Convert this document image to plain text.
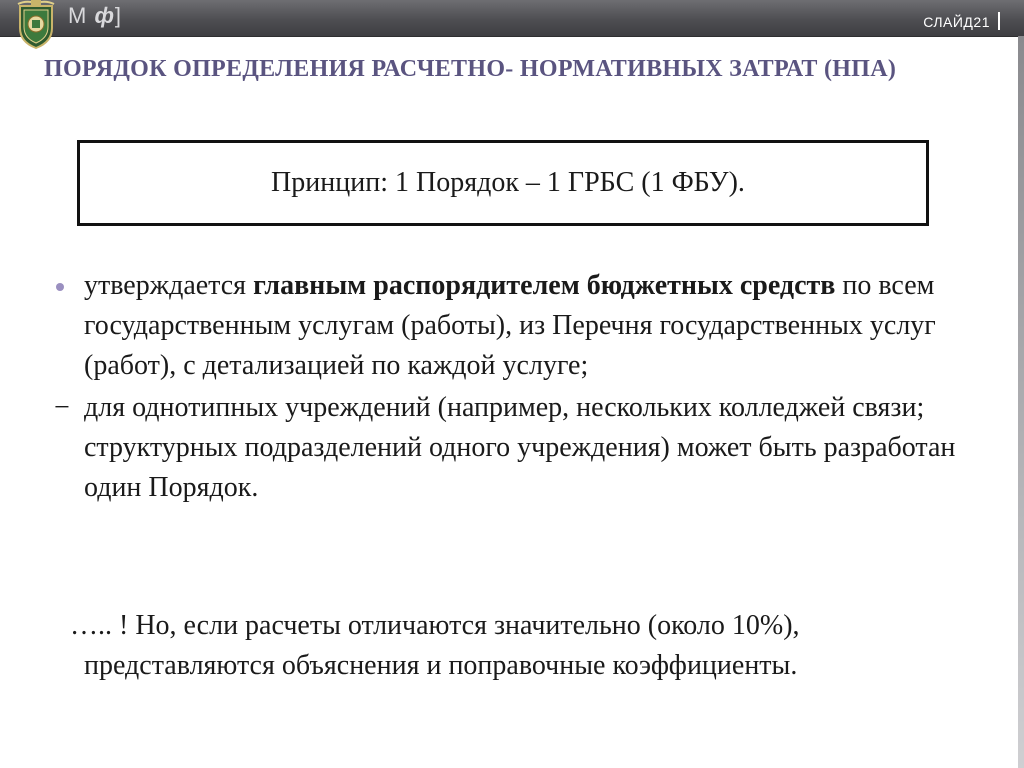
М ф]	СЛАЙД21
ПОРЯДОК ОПРЕДЕЛЕНИЯ РАСЧЕТНО- НОРМАТИВНЫХ ЗАТРАТ (НПА)
Принцип: 1 Порядок – 1 ГРБС (1 ФБУ).
утверждается главным распорядителем бюджетных средств по всем государственным услугам (работы), из Перечня государственных услуг (работ), с детализацией по каждой услуге;
− для однотипных учреждений (например, нескольких колледжей связи; структурных подразделений одного учреждения) может быть разработан один Порядок.

….. ! Но, если расчеты отличаются значительно (около 10%),
представляются объяснения и поправочные коэффициенты.
